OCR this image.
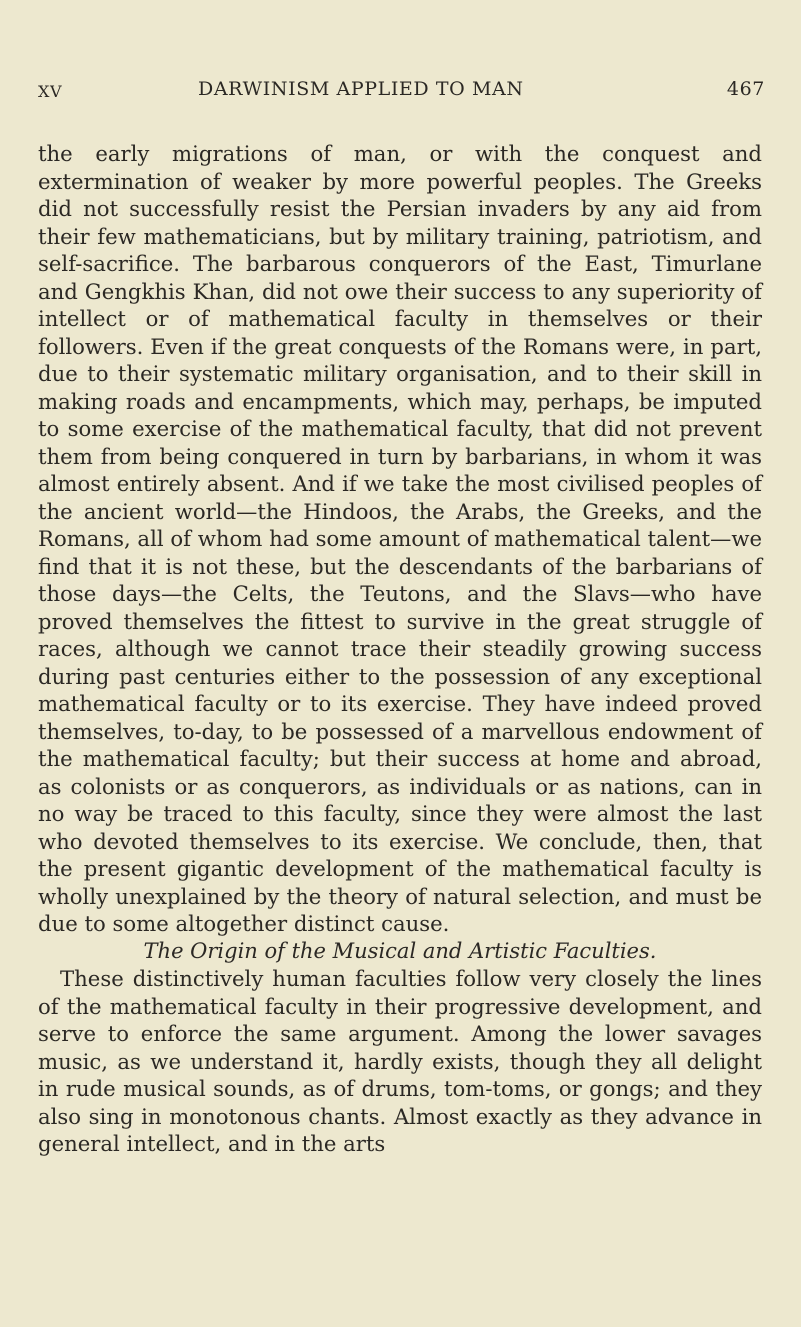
XV	DARWINISM APPLIED TO MAN	467

the early migrations of man, or with the conquest and extermination of weaker by more powerful peoples. The Greeks did not successfully resist the Persian invaders by any aid from their few mathematicians, but by military training, patriotism, and self-sacrifice. The barbarous conquerors of the East, Timurlane and Gengkhis Khan, did not owe their success to any superiority of intellect or of mathematical faculty in themselves or their followers. Even if the great conquests of the Romans were, in part, due to their systematic military organisation, and to their skill in making roads and encampments, which may, perhaps, be imputed to some exercise of the mathematical faculty, that did not prevent them from being conquered in turn by barbarians, in whom it was almost entirely absent. And if we take the most civilised peoples of the ancient world—the Hindoos, the Arabs, the Greeks, and the Romans, all of whom had some amount of mathematical talent—we find that it is not these, but the descendants of the barbarians of those days—the Celts, the Teutons, and the Slavs—who have proved themselves the fittest to survive in the great struggle of races, although we cannot trace their steadily growing success during past centuries either to the possession of any exceptional mathematical faculty or to its exercise. They have indeed proved themselves, to-day, to be possessed of a marvellous endowment of the mathematical faculty; but their success at home and abroad, as colonists or as conquerors, as individuals or as nations, can in no way be traced to this faculty, since they were almost the last who devoted themselves to its exercise. We conclude, then, that the present gigantic development of the mathematical faculty is wholly unexplained by the theory of natural selection, and must be due to some altogether distinct cause.

The Origin of the Musical and Artistic Faculties.

These distinctively human faculties follow very closely the lines of the mathematical faculty in their progressive development, and serve to enforce the same argument. Among the lower savages music, as we understand it, hardly exists, though they all delight in rude musical sounds, as of drums, tom-toms, or gongs; and they also sing in monotonous chants. Almost exactly as they advance in general intellect, and in the arts
